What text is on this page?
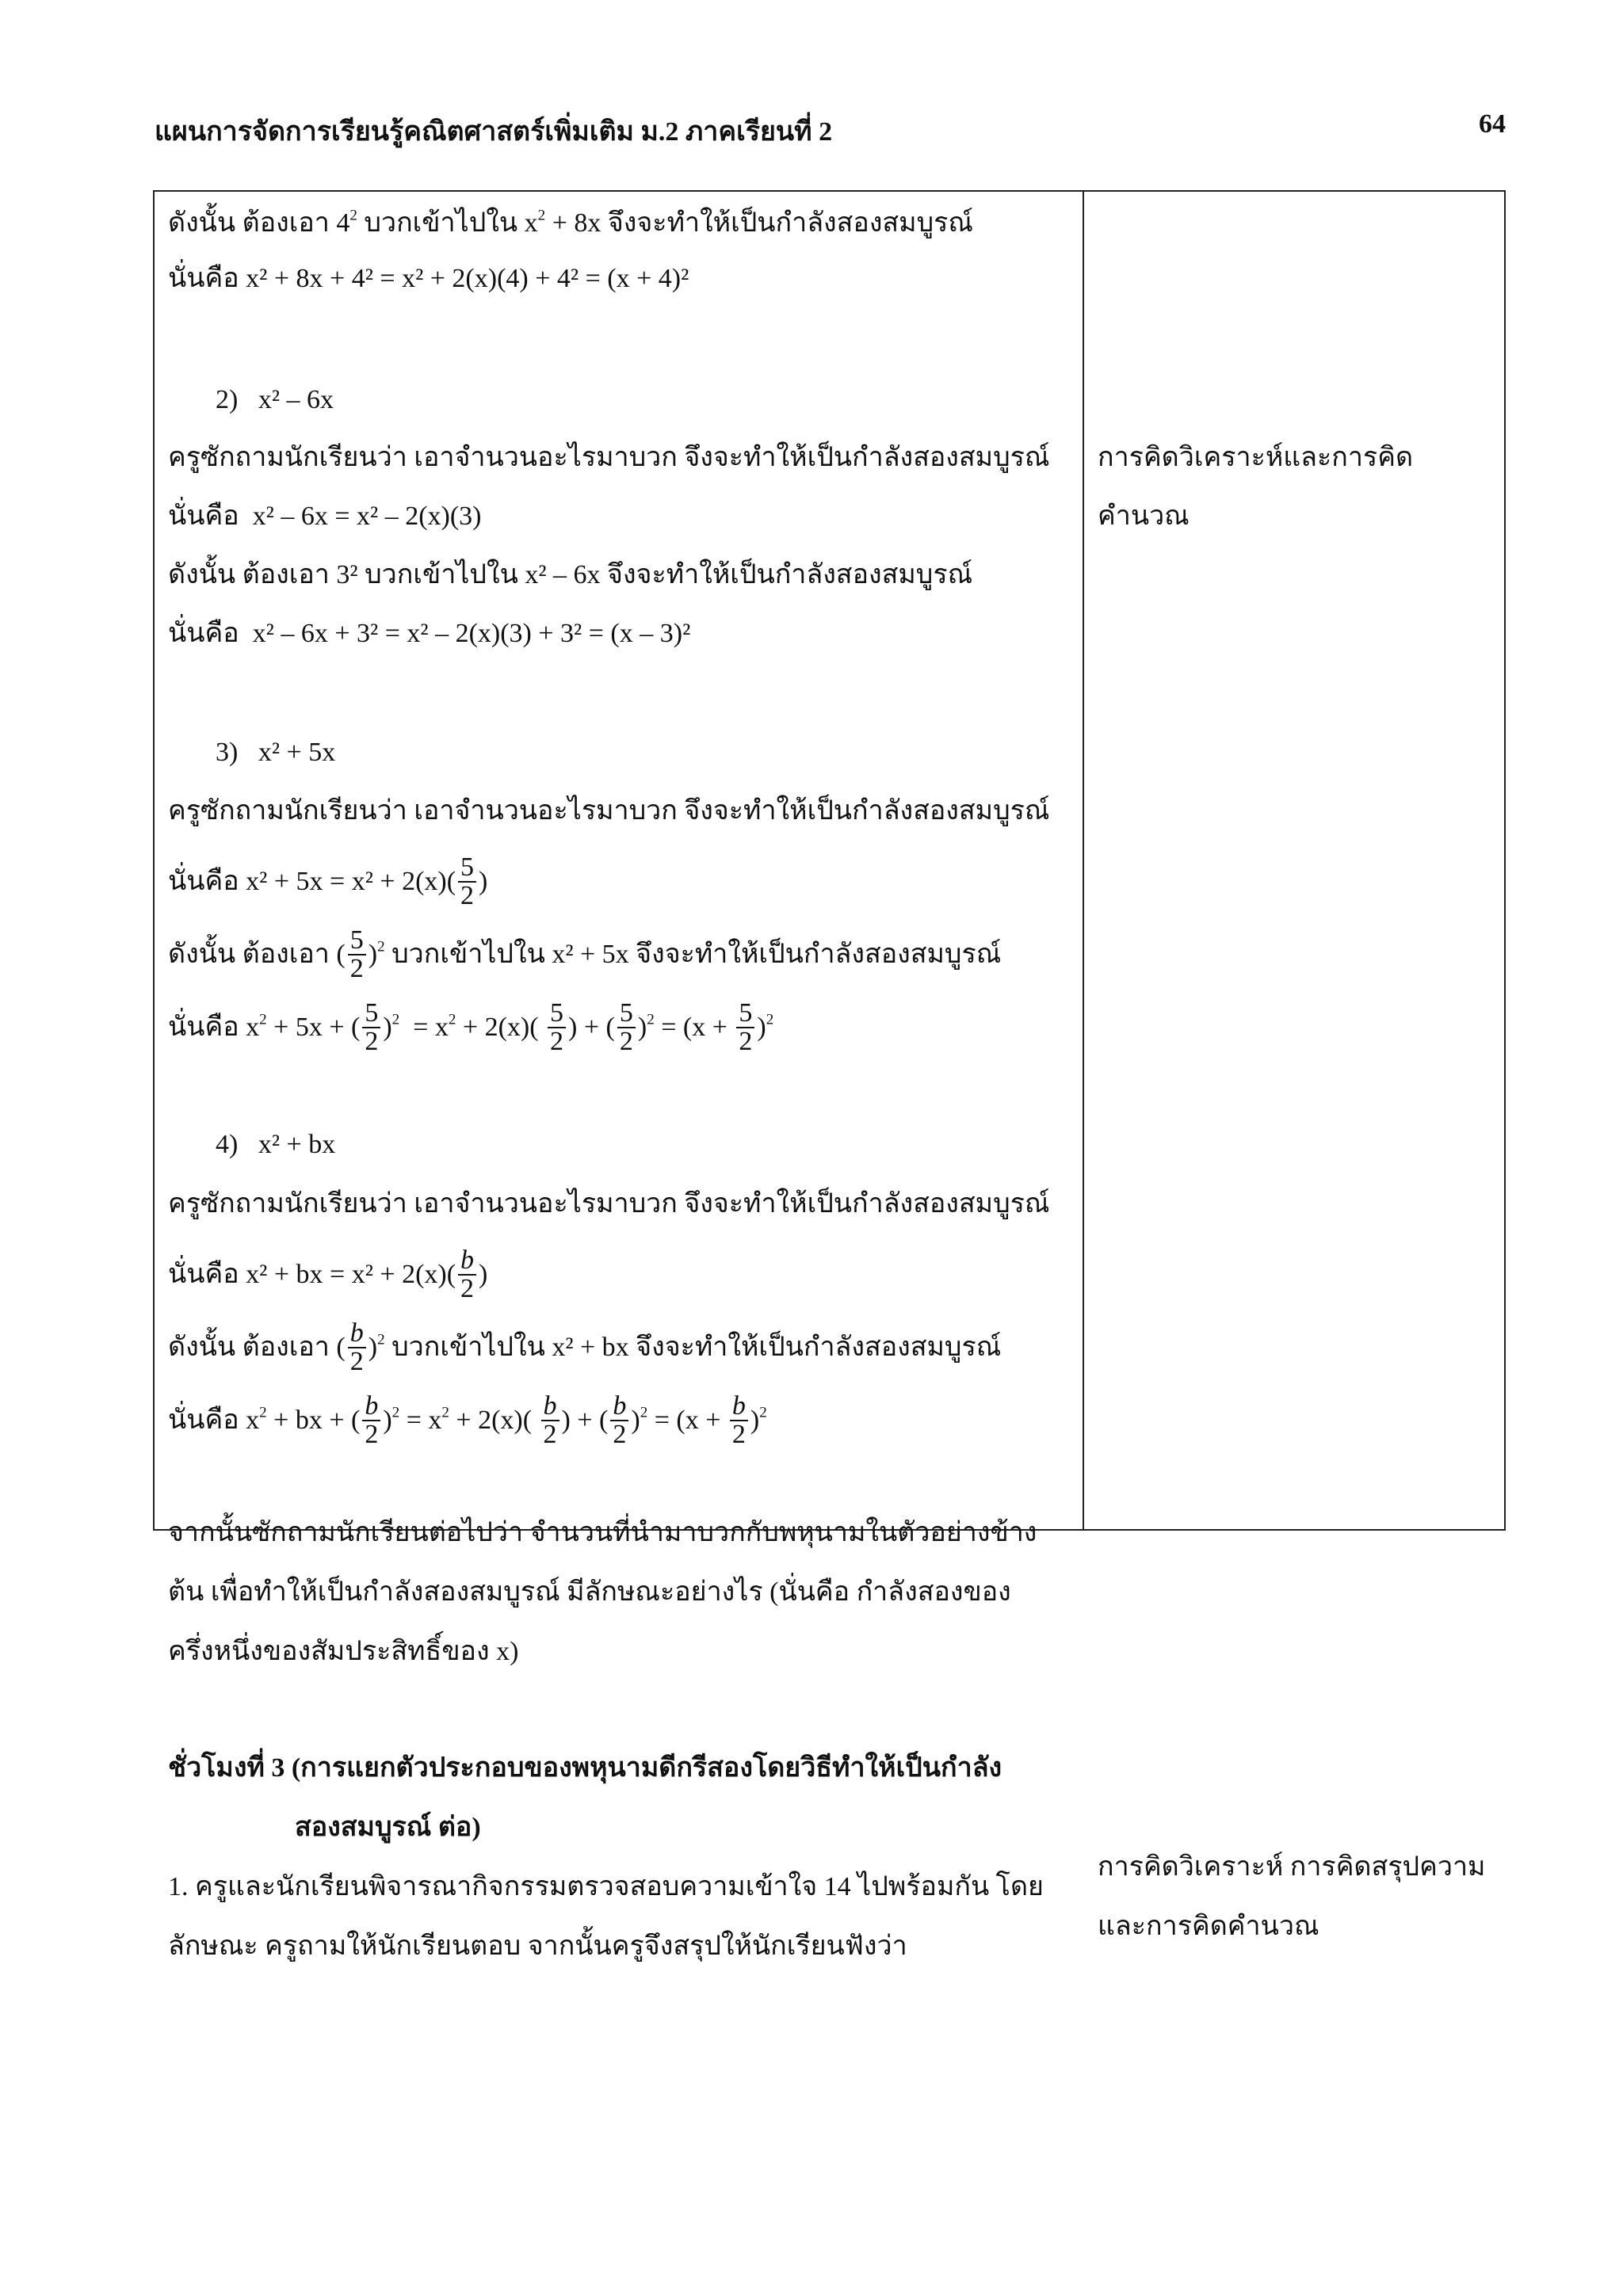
แผนการจัดการเรียนรู้คณิตศาสตร์เพิ่มเติม ม.2 ภาคเรียนที่ 2	64
ดังนั้น ต้องเอา $4^2$ บวกเข้าไปใน $x^2 + 8x$ จึงจะทำให้เป็นกำลังสองสมบูรณ์
นั่นคือ x² + 8x + 4² = x² + 2(x)(4) + 4² = (x + 4)²
2) x² – 6x
ครูซักถามนักเรียนว่า เอาจำนวนอะไรมาบวก จึงจะทำให้เป็นกำลังสองสมบูรณ์
นั่นคือ x² – 6x = x² – 2(x)(3)
ดังนั้น ต้องเอา 3² บวกเข้าไปใน x² – 6x จึงจะทำให้เป็นกำลังสองสมบูรณ์
นั่นคือ x² – 6x + 3² = x² – 2(x)(3) + 3² = (x – 3)²
3) x² + 5x
ครูซักถามนักเรียนว่า เอาจำนวนอะไรมาบวก จึงจะทำให้เป็นกำลังสองสมบูรณ์
นั่นคือ $x^2 + 5x = x^2 + 2(x)( \frac{5}{2}$ )
ดังนั้น ต้องเอา ( $\frac{5}{2} )^2$ บวกเข้าไปใน x² + 5x จึงจะทำให้เป็นกำลังสองสมบูรณ์
นั่นคือ $x^2 + 5x$ + ( $\frac{5}{2} )^2 = x^2 + 2(x)( \frac{5}{2}$ ) + ( $\frac{5}{2} )^2 = (x + \frac{5}{2} )^2$
4) x² + bx
ครูซักถามนักเรียนว่า เอาจำนวนอะไรมาบวก จึงจะทำให้เป็นกำลังสองสมบูรณ์
นั่นคือ x² + bx = $x^2 + 2(x)( \frac{b}{2}$ )
ดังนั้น ต้องเอา ( $\frac{b}{2} )^2$ บวกเข้าไปใน x² + bx จึงจะทำให้เป็นกำลังสองสมบูรณ์
นั่นคือ $x^2$ + bx + ( $\frac{b}{2} )^2 = x^2 + 2(x)( \frac{b}{2}$ ) + ( $\frac{b}{2} )^2 = (x + \frac{b}{2} )^2$
จากนั้นซักถามนักเรียนต่อไปว่า จำนวนที่นำมาบวกกับพหุนามในตัวอย่างข้าง
ต้น เพื่อทำให้เป็นกำลังสองสมบูรณ์ มีลักษณะอย่างไร (นั่นคือ กำลังสองของ
ครึ่งหนึ่งของสัมประสิทธิ์ของ x)
ชั่วโมงที่ 3 (การแยกตัวประกอบของพหุนามดีกรีสองโดยวิธีทำให้เป็นกำลัง
สองสมบูรณ์ ต่อ)
1. ครูและนักเรียนพิจารณากิจกรรมตรวจสอบความเข้าใจ 14 ไปพร้อมกัน โดย
ลักษณะ ครูถามให้นักเรียนตอบ จากนั้นครูจึงสรุปให้นักเรียนฟังว่า
การคิดวิเคราะห์และการคิด
คำนวณ
การคิดวิเคราะห์ การคิดสรุปความ
และการคิดคำนวณ
